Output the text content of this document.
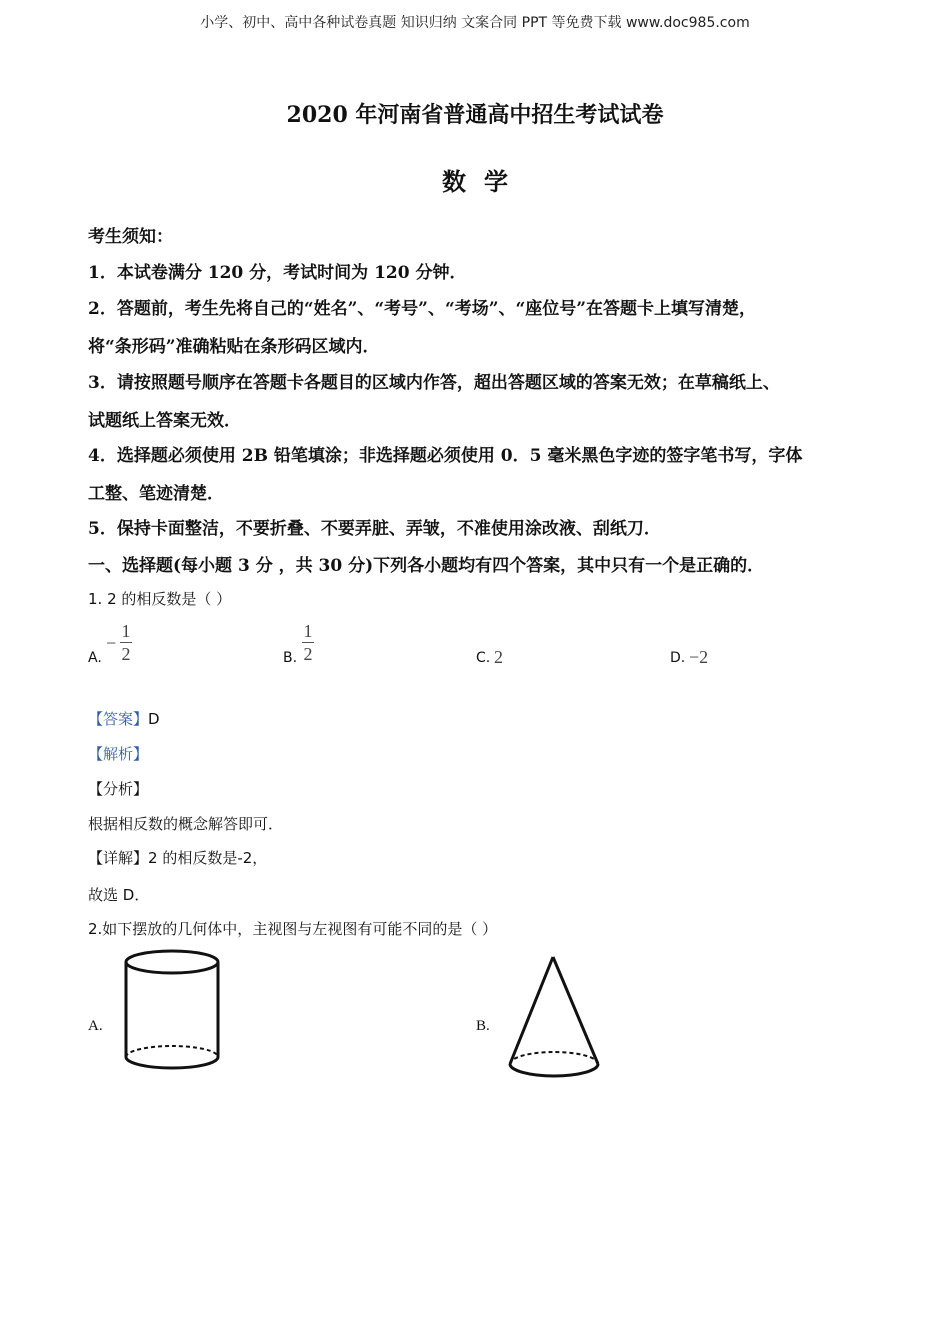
小学、初中、高中各种试卷真题 知识归纳 文案合同 PPT 等免费下载 www.doc985.com
2020 年河南省普通高中招生考试试卷
数学
考生须知：
1．本试卷满分 120 分，考试时间为 120 分钟．
2．答题前，考生先将自己的“姓名”、“考号”、“考场”、“座位号”在答题卡上填写清楚，
将“条形码”准确粘贴在条形码区域内．
3．请按照题号顺序在答题卡各题目的区域内作答，超出答题区域的答案无效；在草稿纸上、
试题纸上答案无效．
4．选择题必须使用 2B 铅笔填涂；非选择题必须使用 0．5 毫米黑色字迹的签字笔书写，字体
工整、笔迹清楚．
5．保持卡面整洁，不要折叠、不要弄脏、弄皱，不准使用涂改液、刮纸刀．
一、选择题(每小题 3 分 ，共 30 分)下列各小题均有四个答案，其中只有一个是正确的．
1. 2 的相反数是（ ）
A.
−
1
2	B.
1
2	C. 2	D. −2
【答案】D
【解析】
【分析】
根据相反数的概念解答即可．
【详解】2 的相反数是-2，
故选 D．
2.如下摆放的几何体中，主视图与左视图有可能不同的是（ ）
A.	B.
